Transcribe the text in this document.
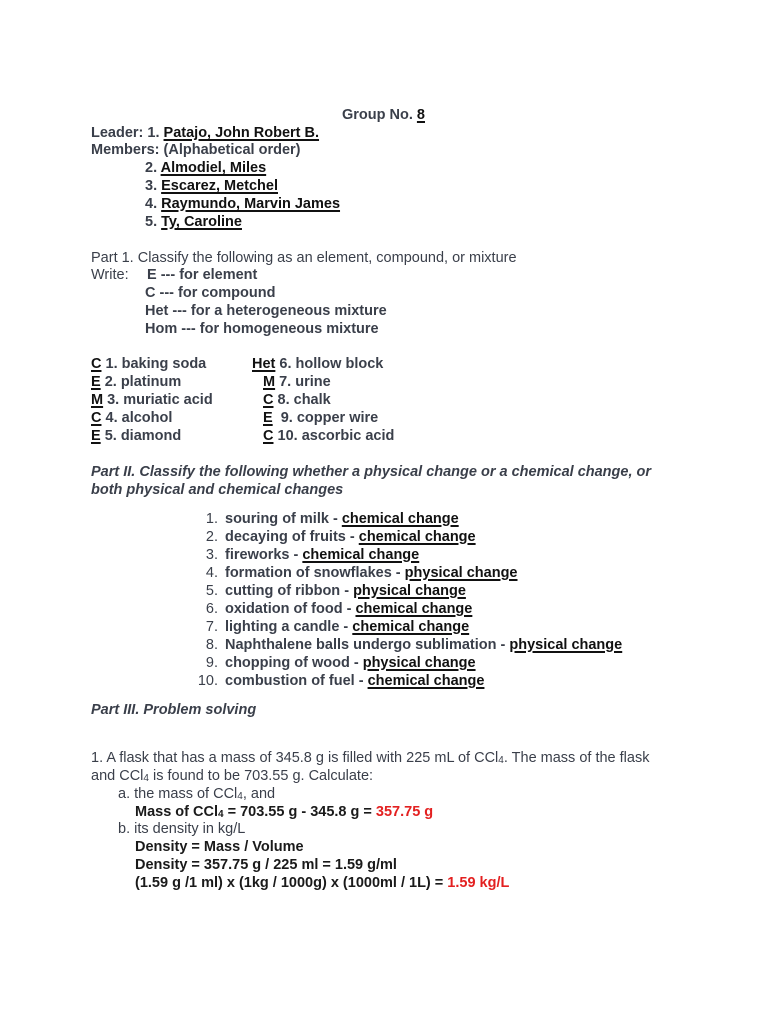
Group No. 8
Leader: 1. Patajo, John Robert B.
Members: (Alphabetical order)
2. Almodiel, Miles
3. Escarez, Metchel
4. Raymundo, Marvin James
5. Ty, Caroline
Part 1. Classify the following as an element, compound, or mixture
Write: E --- for element
C --- for compound
Het --- for a heterogeneous mixture
Hom --- for homogeneous mixture
C 1. baking soda
E 2. platinum
M 3. muriatic acid
C 4. alcohol
E 5. diamond
Het 6. hollow block
M 7. urine
C 8. chalk
E  9. copper wire
C 10. ascorbic acid
Part II. Classify the following whether a physical change or a chemical change, or
both physical and chemical changes
1. souring of milk - chemical change
2. decaying of fruits - chemical change
3. fireworks - chemical change
4. formation of snowflakes - physical change
5. cutting of ribbon - physical change
6. oxidation of food - chemical change
7. lighting a candle - chemical change
8. Naphthalene balls undergo sublimation - physical change
9. chopping of wood - physical change
10. combustion of fuel - chemical change
Part III. Problem solving
1. A flask that has a mass of 345.8 g is filled with 225 mL of CCl$_4$. The mass of the flask
and CCl$_4$ is found to be 703.55 g. Calculate:
a. the mass of CCl$_4$, and
Mass of CCl$_4$ = 703.55 g - 345.8 g = 357.75 g
b. its density in kg/L
Density = Mass / Volume
Density = 357.75 g / 225 ml = 1.59 g/ml
(1.59 g /1 ml) x (1kg / 1000g) x (1000ml / 1L) = 1.59 kg/L
